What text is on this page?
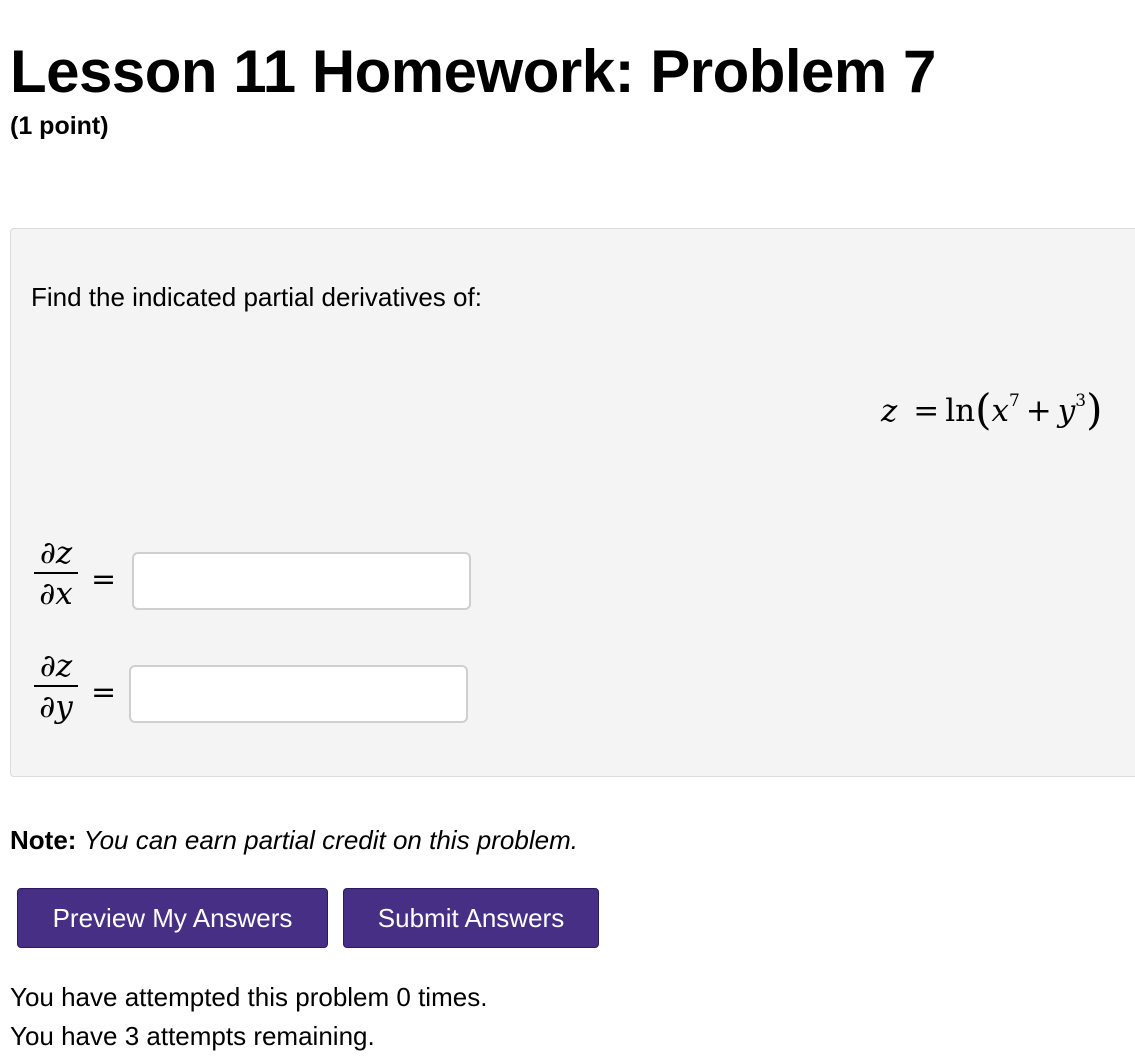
Lesson 11 Homework: Problem 7
(1 point)
Find the indicated partial derivatives of:
$z = \ln(x^7 + y^3)$
∂z
∂x =
∂z
∂y =
Note: You can earn partial credit on this problem.
Preview My Answers	Submit Answers
You have attempted this problem 0 times.
You have 3 attempts remaining.
